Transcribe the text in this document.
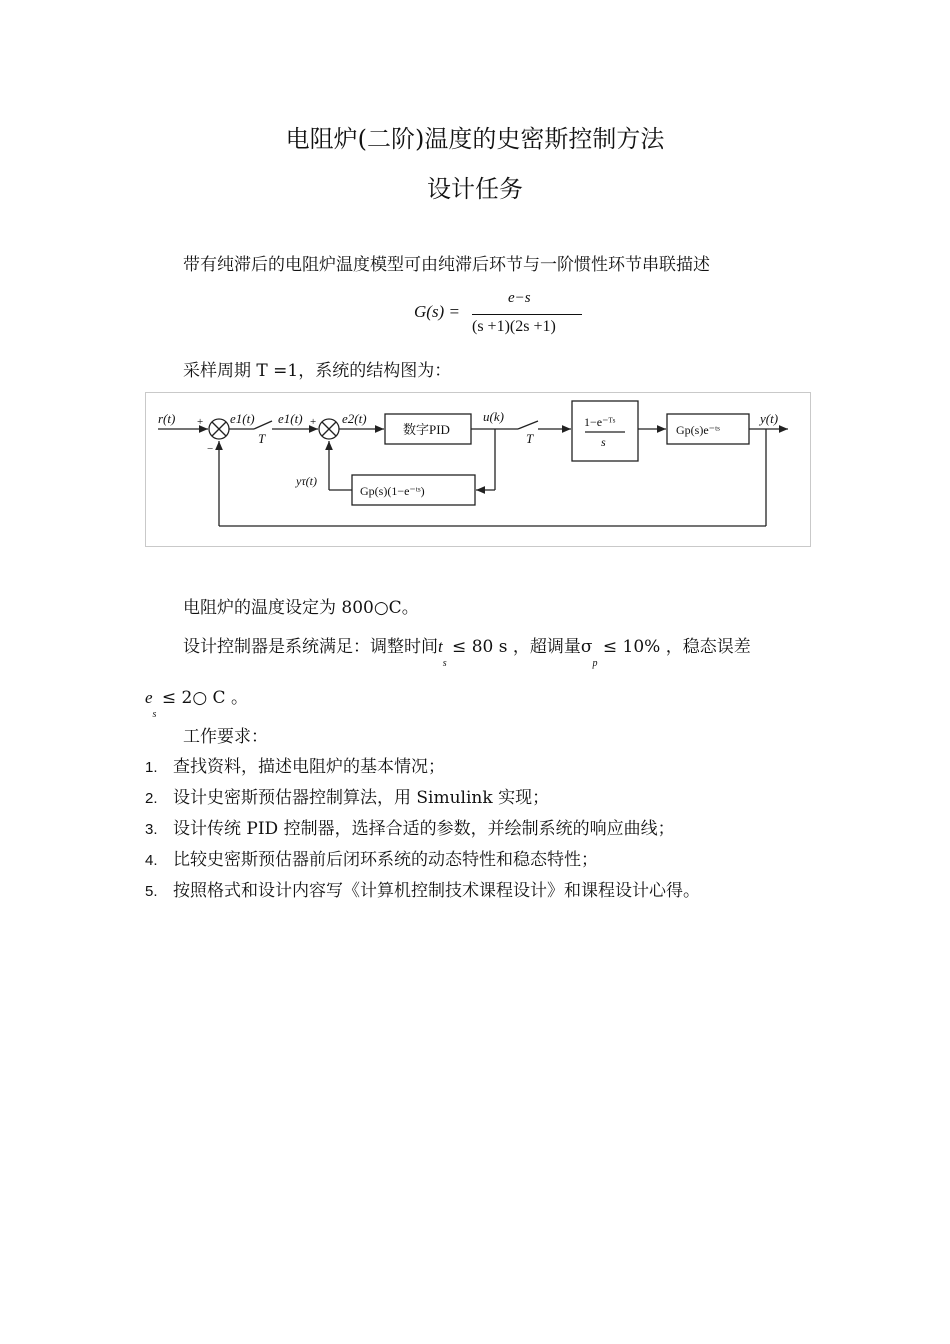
电阻炉(二阶)温度的史密斯控制方法
设计任务
带有纯滞后的电阻炉温度模型可由纯滞后环节与一阶惯性环节串联描述
G(s) =
e−s
(s +1)(2s +1)
采样周期 T =1，系统的结构图为：
r(t) +
−
e1(t)
T
e1(t) + e2(t)
数字PID
u(k)
T
1−e⁻ᵀˢ
s
Gp(s)e⁻ᵗˢ
y(t)
yτ(t)
Gp(s)(1−e⁻ᵗˢ)
电阻炉的温度设定为 800○C。
设计控制器是系统满足：调整时间$t_s \le 80$ s ，超调量$\sigma_p \le 10\%$ ，稳态误差
$e_s$ ≤ 2○ C 。
工作要求：
1. 查找资料，描述电阻炉的基本情况；
2. 设计史密斯预估器控制算法，用 Simulink 实现；
3. 设计传统 PID 控制器，选择合适的参数，并绘制系统的响应曲线；
4. 比较史密斯预估器前后闭环系统的动态特性和稳态特性；
5. 按照格式和设计内容写《计算机控制技术课程设计》和课程设计心得。
